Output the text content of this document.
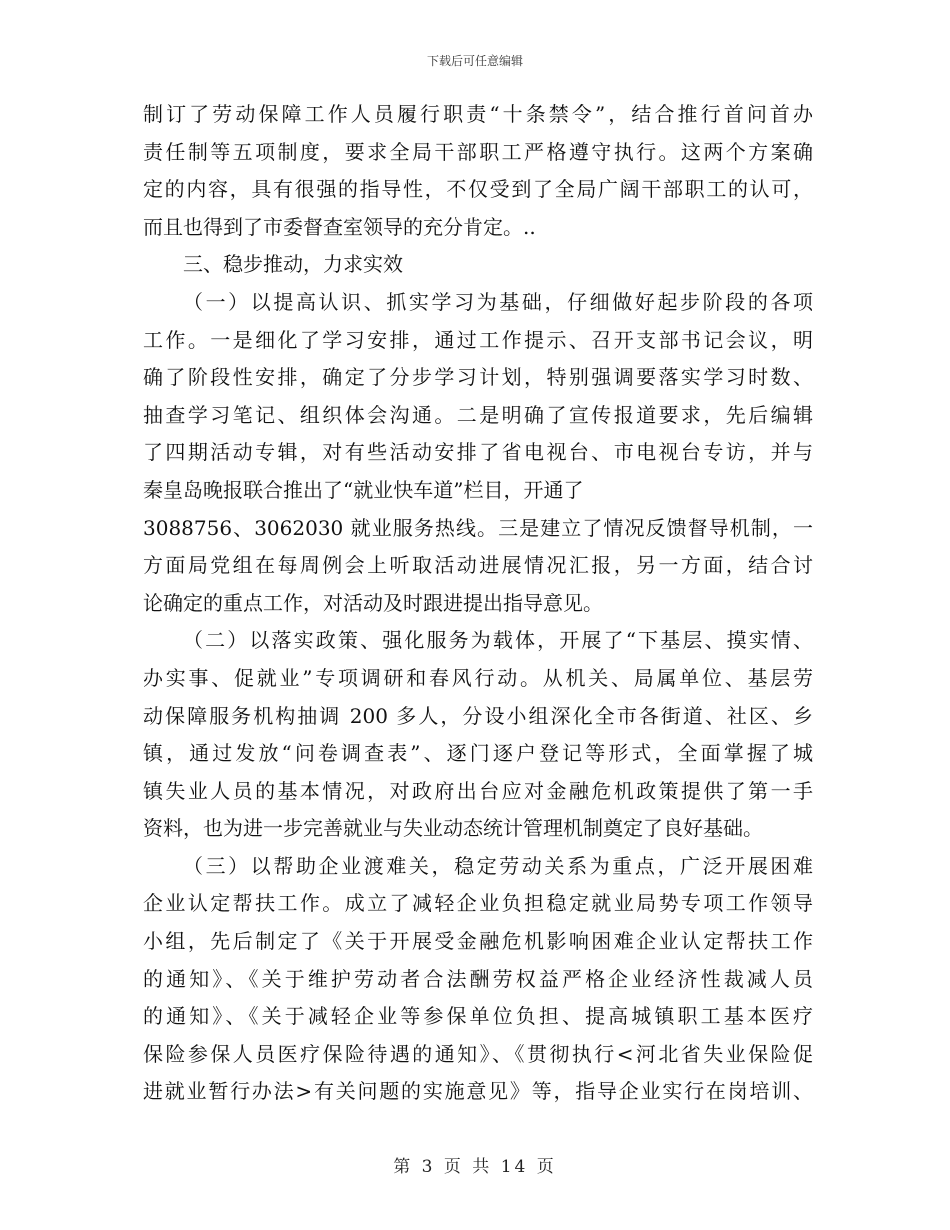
下载后可任意编辑
制订了劳动保障工作人员履行职责“十条禁令”，结合推行首问首办
责任制等五项制度，要求全局干部职工严格遵守执行。这两个方案确
定的内容，具有很强的指导性，不仅受到了全局广阔干部职工的认可，
而且也得到了市委督查室领导的充分肯定。..
三、稳步推动，力求实效
（一）以提高认识、抓实学习为基础，仔细做好起步阶段的各项
工作。一是细化了学习安排，通过工作提示、召开支部书记会议，明
确了阶段性安排，确定了分步学习计划，特别强调要落实学习时数、
抽查学习笔记、组织体会沟通。二是明确了宣传报道要求，先后编辑
了四期活动专辑，对有些活动安排了省电视台、市电视台专访，并与
秦皇岛晚报联合推出了“就业快车道”栏目，开通了
3088756、3062030 就业服务热线。三是建立了情况反馈督导机制，一
方面局党组在每周例会上听取活动进展情况汇报，另一方面，结合讨
论确定的重点工作，对活动及时跟进提出指导意见。
（二）以落实政策、强化服务为载体，开展了“下基层、摸实情、
办实事、促就业”专项调研和春风行动。从机关、局属单位、基层劳
动保障服务机构抽调 200 多人，分设小组深化全市各街道、社区、乡
镇，通过发放“问卷调查表”、逐门逐户登记等形式，全面掌握了城
镇失业人员的基本情况，对政府出台应对金融危机政策提供了第一手
资料，也为进一步完善就业与失业动态统计管理机制奠定了良好基础。
（三）以帮助企业渡难关，稳定劳动关系为重点，广泛开展困难
企业认定帮扶工作。成立了减轻企业负担稳定就业局势专项工作领导
小组，先后制定了《关于开展受金融危机影响困难企业认定帮扶工作
的通知》、《关于维护劳动者合法酬劳权益严格企业经济性裁减人员
的通知》、《关于减轻企业等参保单位负担、提高城镇职工基本医疗
保险参保人员医疗保险待遇的通知》、《贯彻执行<河北省失业保险促
进就业暂行办法>有关问题的实施意见》等，指导企业实行在岗培训、
第 3 页 共 14 页
